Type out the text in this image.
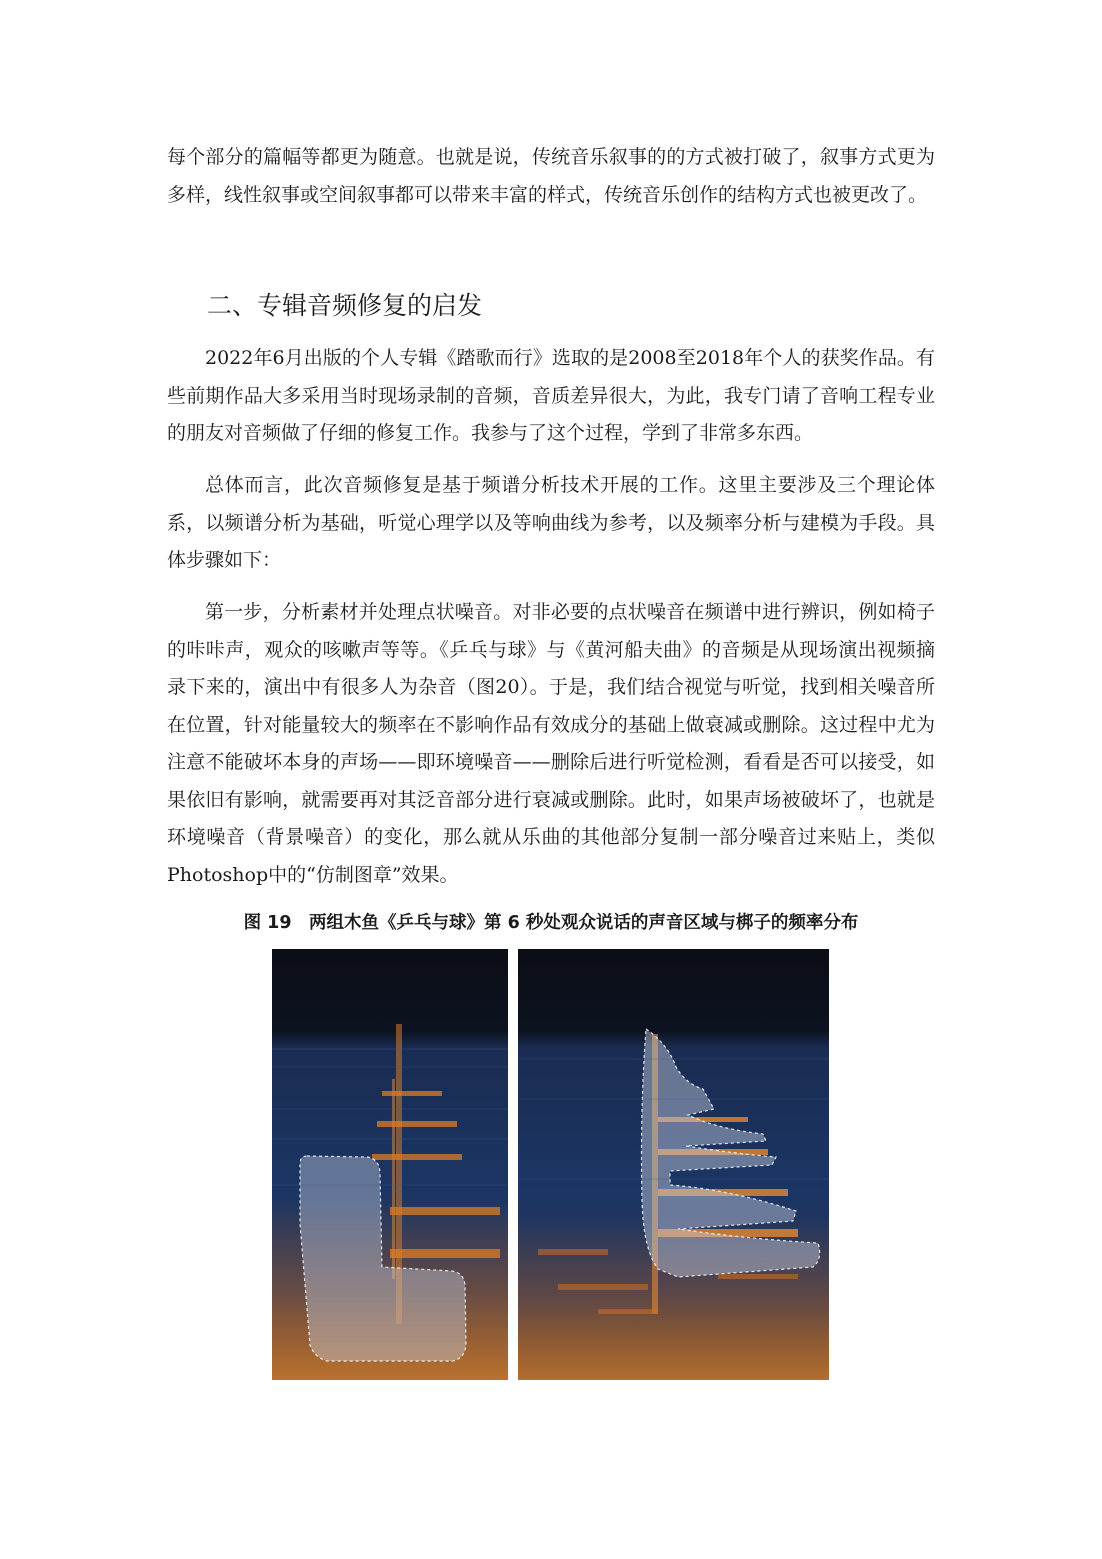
每个部分的篇幅等都更为随意。也就是说，传统音乐叙事的的方式被打破了，叙事方式更为多样，线性叙事或空间叙事都可以带来丰富的样式，传统音乐创作的结构方式也被更改了。

二、专辑音频修复的启发

2022年6月出版的个人专辑《踏歌而行》选取的是2008至2018年个人的获奖作品。有些前期作品大多采用当时现场录制的音频，音质差异很大，为此，我专门请了音响工程专业的朋友对音频做了仔细的修复工作。我参与了这个过程，学到了非常多东西。

总体而言，此次音频修复是基于频谱分析技术开展的工作。这里主要涉及三个理论体系，以频谱分析为基础，听觉心理学以及等响曲线为参考，以及频率分析与建模为手段。具体步骤如下：

第一步，分析素材并处理点状噪音。对非必要的点状噪音在频谱中进行辨识，例如椅子的咔咔声，观众的咳嗽声等等。《乒乓与球》与《黄河船夫曲》的音频是从现场演出视频摘录下来的，演出中有很多人为杂音（图20）。于是，我们结合视觉与听觉，找到相关噪音所在位置，针对能量较大的频率在不影响作品有效成分的基础上做衰减或删除。这过程中尤为注意不能破坏本身的声场——即环境噪音——删除后进行听觉检测，看看是否可以接受，如果依旧有影响，就需要再对其泛音部分进行衰减或删除。此时，如果声场被破坏了，也就是环境噪音（背景噪音）的变化，那么就从乐曲的其他部分复制一部分噪音过来贴上，类似Photoshop中的“仿制图章”效果。

图 19　两组木鱼《乒乓与球》第 6 秒处观众说话的声音区域与梆子的频率分布
